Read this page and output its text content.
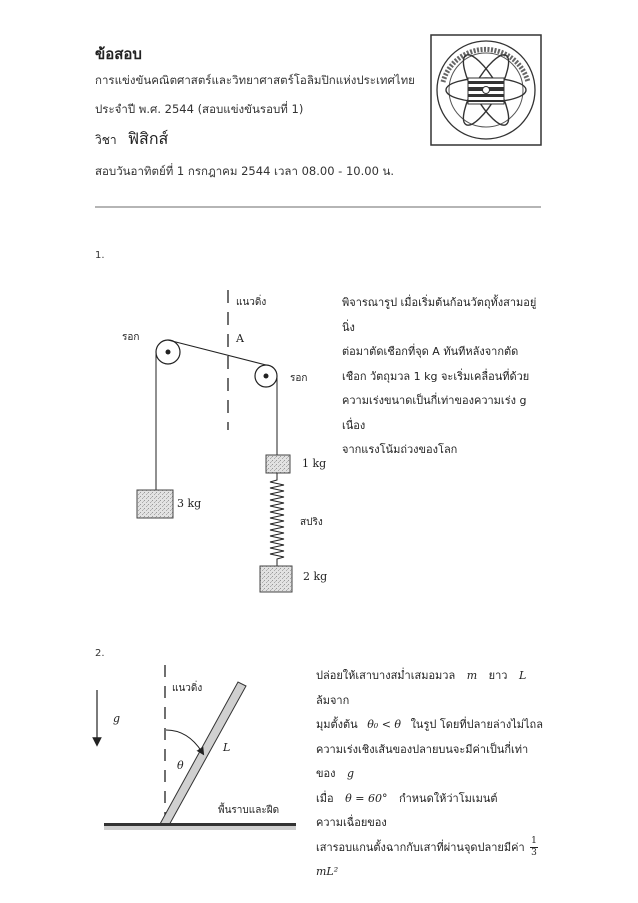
ข้อสอบ
การแข่งขันคณิตศาสตร์และวิทยาศาสตร์โอลิมปิกแห่งประเทศไทย
ประจำปี พ.ศ. 2544 (สอบแข่งขันรอบที่ 1)
วิชา ฟิสิกส์
สอบวันอาทิตย์ที่ 1 กรกฎาคม 2544 เวลา 08.00 - 10.00 น.
1.
แนวดิ่ง
รอก
รอก
A
3 kg
1 kg
สปริง
2 kg

พิจารณารูป เมื่อเริ่มต้นก้อนวัตถุทั้งสามอยู่นิ่ง

ต่อมาตัดเชือกที่จุด A ทันทีหลังจากตัด

เชือก วัตถุมวล 1 kg จะเริ่มเคลื่อนที่ด้วย

ความเร่งขนาดเป็นกี่เท่าของความเร่ง g เนื่อง

จากแรงโน้มถ่วงของโลก

2.
แนวดิ่ง
g
L
θ
พื้นราบและฝืด

ปล่อยให้เสาบางสม่ำเสมอมวล m ยาว L ล้มจาก

มุมตั้งต้น θ₀ < θ ในรูป โดยที่ปลายล่างไม่ไถล

ความเร่งเชิงเส้นของปลายบนจะมีค่าเป็นกี่เท่าของ g

เมื่อ θ = 60° กำหนดให้ว่าโมเมนต์ความเฉื่อยของ

เสารอบแกนตั้งฉากกับเสาที่ผ่านจุดปลายมีค่า $\frac{1}{3}$
mL²
